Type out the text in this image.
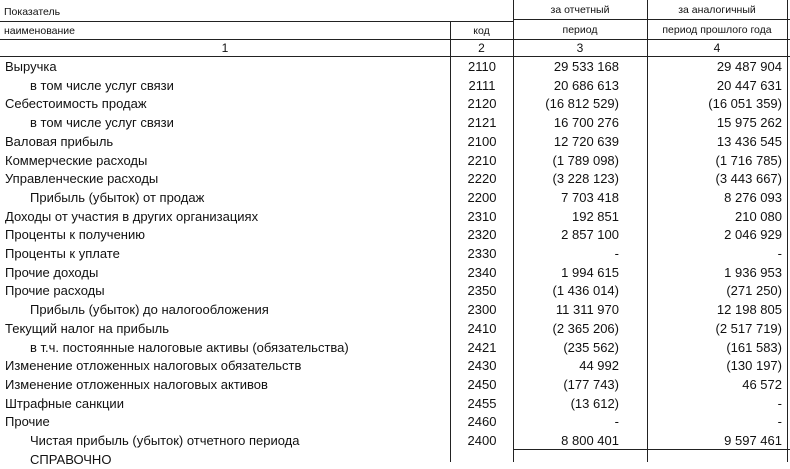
Показатель
наименование	код
за отчетный
период
за аналогичный
период прошлого года
1	2	3	4
Выручка	2110	29 533 168	29 487 904
в том числе услуг связи	2111	20 686 613	20 447 631
Себестоимость продаж	2120	(16 812 529)	(16 051 359)
в том числе услуг связи	2121	16 700 276	15 975 262
Валовая прибыль	2100	12 720 639	13 436 545
Коммерческие расходы	2210	(1 789 098)	(1 716 785)
Управленческие расходы	2220	(3 228 123)	(3 443 667)
Прибыль (убыток) от продаж	2200	7 703 418	8 276 093
Доходы от участия в других организациях	2310	192 851	210 080
Проценты к получению	2320	2 857 100	2 046 929
Проценты к уплате	2330	-	-
Прочие доходы	2340	1 994 615	1 936 953
Прочие расходы	2350	(1 436 014)	(271 250)
Прибыль (убыток) до налогообложения	2300	11 311 970	12 198 805
Текущий налог на прибыль	2410	(2 365 206)	(2 517 719)
в т.ч. постоянные налоговые активы (обязательства)	2421	(235 562)	(161 583)
Изменение отложенных налоговых обязательств	2430	44 992	(130 197)
Изменение отложенных налоговых активов	2450	(177 743)	46 572
Штрафные санкции	2455	(13 612)	-
Прочие	2460	-	-
Чистая прибыль (убыток) отчетного периода	2400	8 800 401	9 597 461
СПРАВОЧНО
